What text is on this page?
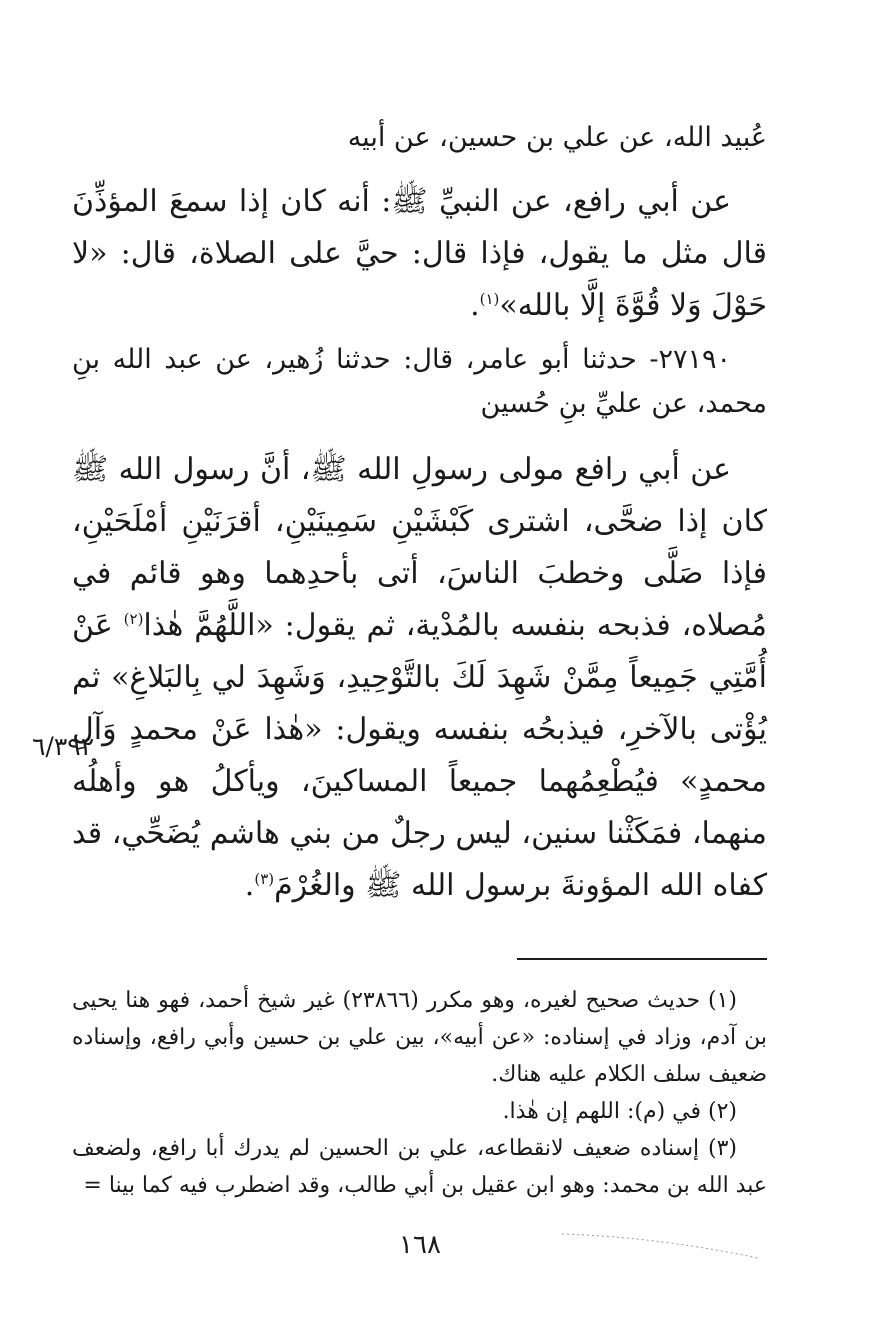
عُبيد الله، عن علي بن حسين، عن أبيه
عن أبي رافع، عن النبيِّ ﷺ: أنه كان إذا سمعَ المؤذِّنَ قال مثل ما يقول، فإذا قال: حيَّ على الصلاة، قال: «لا حَوْلَ وَلا قُوَّةَ إلَّا بالله»$^{(١)}$.
٢٧١٩٠- حدثنا أبو عامر، قال: حدثنا زُهير، عن عبد الله بنِ محمد، عن عليِّ بنِ حُسين
عن أبي رافع مولى رسولِ الله ﷺ، أنَّ رسول الله ﷺ كان إذا ضحَّى، اشترى كَبْشَيْنِ سَمِينَيْنِ، أقرَنَيْنِ أمْلَحَيْنِ، فإذا صَلَّى وخطبَ الناسَ، أتى بأحدِهما وهو قائم في مُصلاه، فذبحه بنفسه بالمُدْية، ثم يقول: «اللَّهُمَّ هٰذا$^{(٢)}$ عَنْ أُمَّتِي جَمِيعاً مِمَّنْ شَهِدَ لَكَ بالتَّوْحِيدِ، وَشَهِدَ لي بِالبَلاغِ» ثم يُؤْتى بالآخرِ، فيذبحُه بنفسه ويقول: «هٰذا عَنْ محمدٍ وَآلِ محمدٍ» فيُطْعِمُهما جميعاً المساكينَ، ويأكلُ هو وأهلُه منهما، فمَكَثْنا سنين، ليس رجلٌ من بني هاشم يُضَحِّي، قد كفاه الله المؤونةَ برسول الله ﷺ والغُرْمَ$^{(٣)}$.
٦/٣٩٢

(١) حديث صحيح لغيره، وهو مكرر (٢٣٨٦٦) غير شيخ أحمد، فهو هنا يحيى بن آدم، وزاد في إسناده: «عن أبيه»، بين علي بن حسين وأبي رافع، وإسناده ضعيف سلف الكلام عليه هناك.

(٢) في (م): اللهم إن هٰذا.

(٣) إسناده ضعيف لانقطاعه، علي بن الحسين لم يدرك أبا رافع، ولضعف عبد الله بن محمد: وهو ابن عقيل بن أبي طالب، وقد اضطرب فيه كما بينا =

١٦٨
